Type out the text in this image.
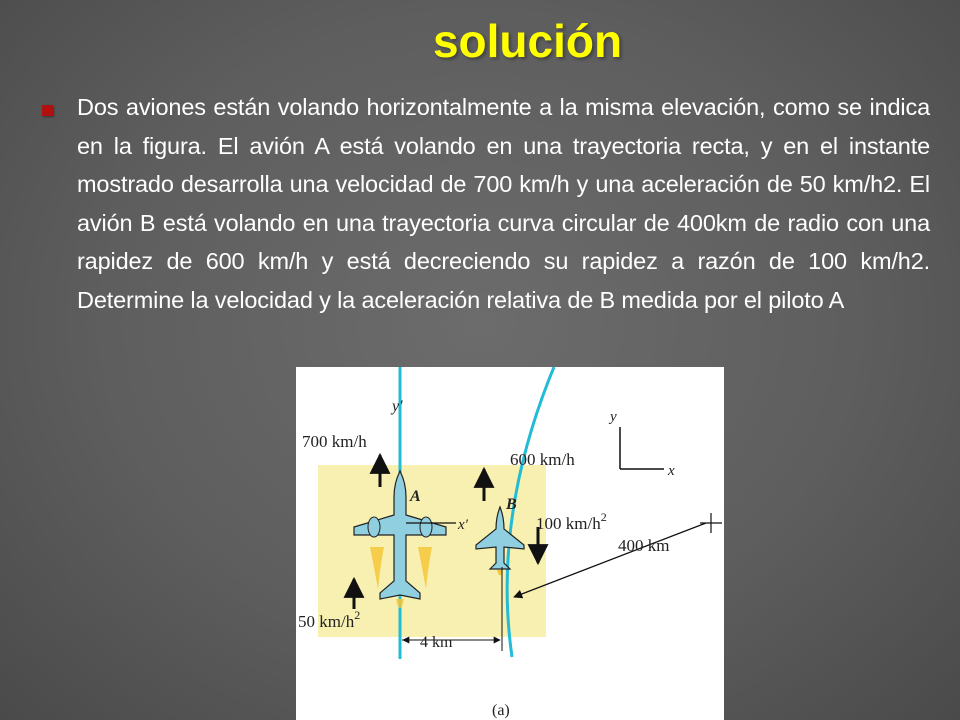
solución
Dos aviones están volando horizontalmente a la misma elevación, como se indica en la figura. El avión A está volando en una trayectoria recta, y en el instante mostrado desarrolla una velocidad de 700 km/h y una aceleración de 50 km/h2. El avión B está volando en una trayectoria curva circular de 400km de radio con una rapidez de 600 km/h y está decreciendo su rapidez a razón de 100 km/h2. Determine la velocidad y la aceleración relativa de B medida por el piloto A
700 km/h
50 $km/h^2$
600 km/h
100 $km/h^2$
400 km
4 km
A	B
y′
x′
y
x
(a)
